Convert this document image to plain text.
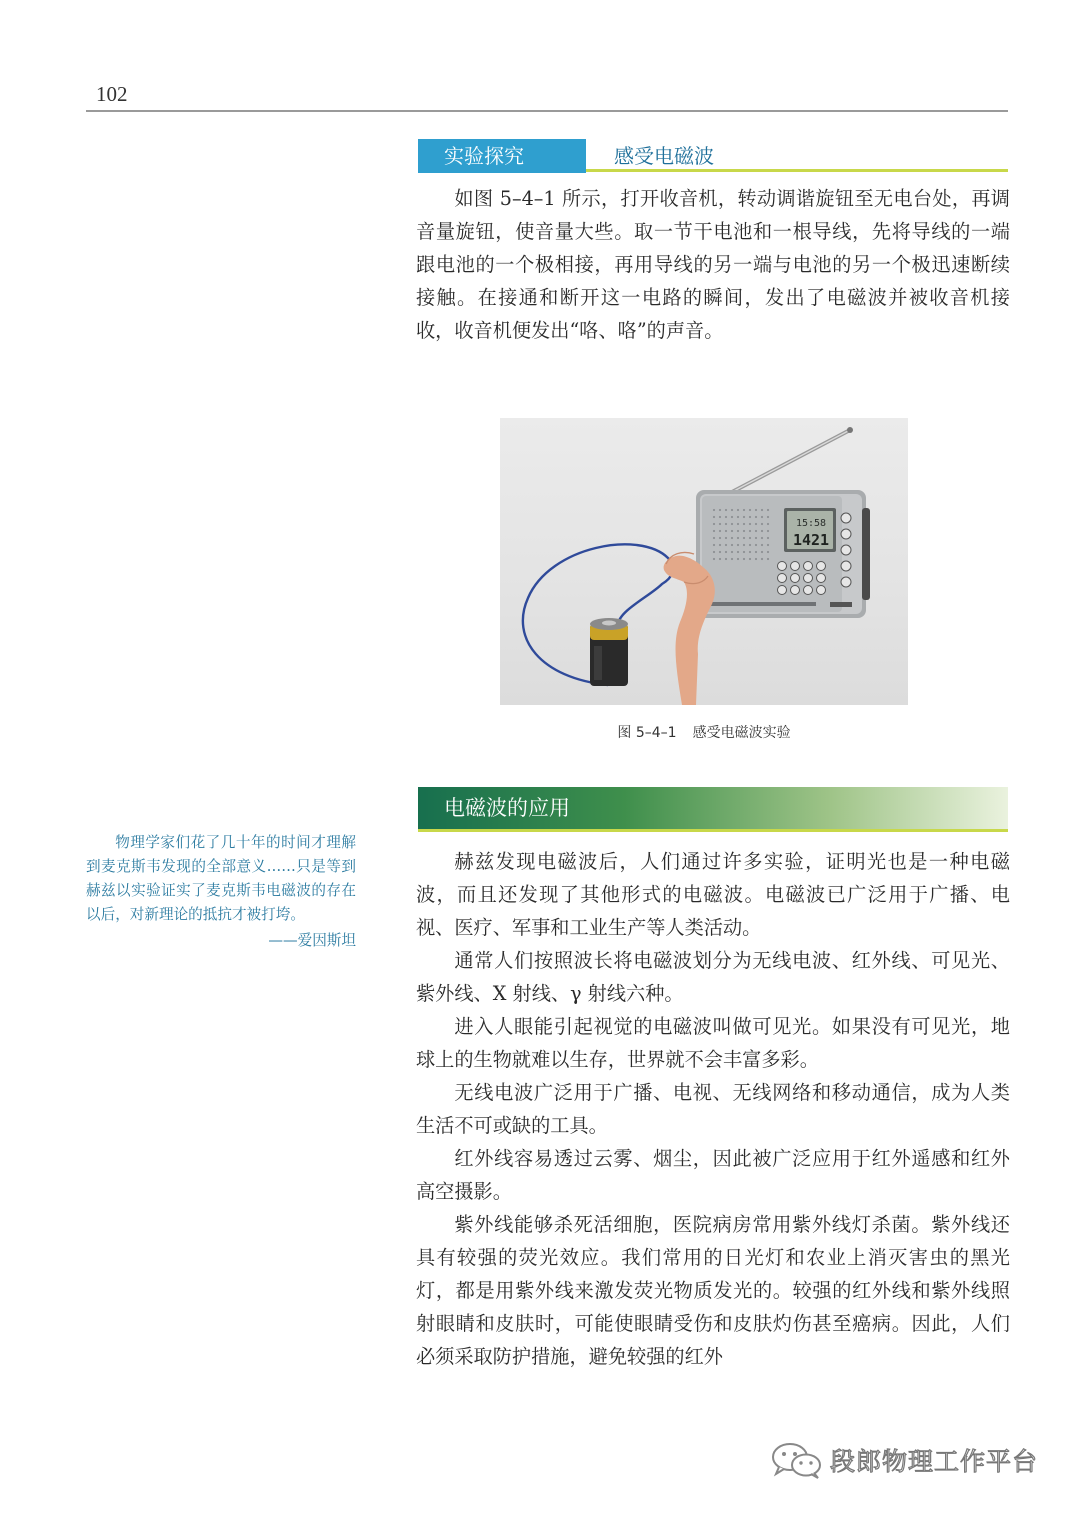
102
实验探究	感受电磁波

如图 5–4–1 所示，打开收音机，转动调谐旋钮至无电台处，再调音量旋钮，使音量大些。取一节干电池和一根导线，先将导线的一端跟电池的一个极相接，再用导线的另一端与电池的另一个极迅速断续接触。在接通和断开这一电路的瞬间，发出了电磁波并被收音机接收，收音机便发出“咯、咯”的声音。

15:58
1421
图 5–4–1 感受电磁波实验
电磁波的应用

物理学家们花了几十年的时间才理解到麦克斯韦发现的全部意义……只是等到赫兹以实验证实了麦克斯韦电磁波的存在以后，对新理论的抵抗才被打垮。

——爱因斯坦

赫兹发现电磁波后，人们通过许多实验，证明光也是一种电磁波，而且还发现了其他形式的电磁波。电磁波已广泛用于广播、电视、医疗、军事和工业生产等人类活动。

通常人们按照波长将电磁波划分为无线电波、红外线、可见光、紫外线、X 射线、γ 射线六种。

进入人眼能引起视觉的电磁波叫做可见光。如果没有可见光，地球上的生物就难以生存，世界就不会丰富多彩。

无线电波广泛用于广播、电视、无线网络和移动通信，成为人类生活不可或缺的工具。

红外线容易透过云雾、烟尘，因此被广泛应用于红外遥感和红外高空摄影。

紫外线能够杀死活细胞，医院病房常用紫外线灯杀菌。紫外线还具有较强的荧光效应。我们常用的日光灯和农业上消灭害虫的黑光灯，都是用紫外线来激发荧光物质发光的。较强的红外线和紫外线照射眼睛和皮肤时，可能使眼睛受伤和皮肤灼伤甚至癌病。因此，人们必须采取防护措施，避免较强的红外

段郎物理工作平台
